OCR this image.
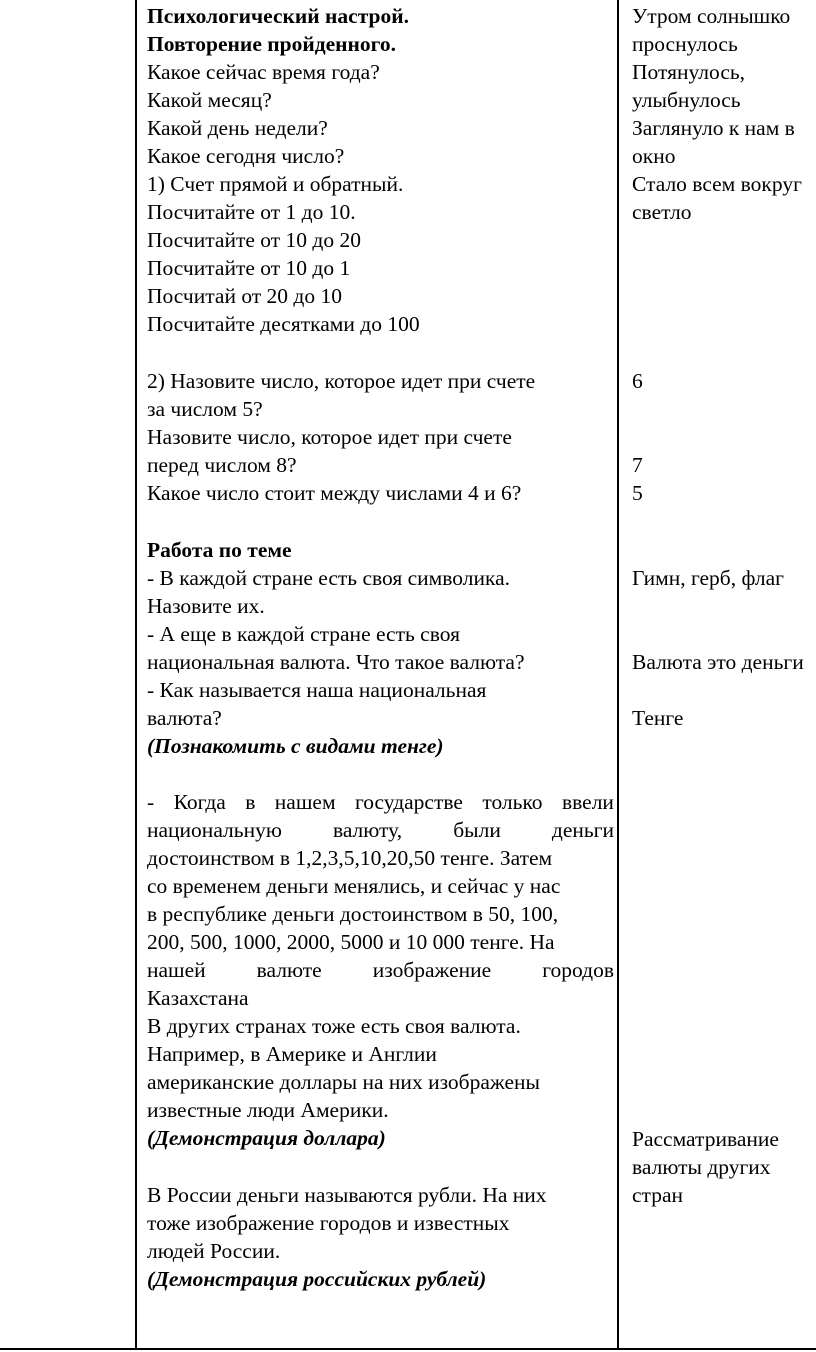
Психологический настрой.
Повторение пройденного.
Какое сейчас время года?
Какой месяц?
Какой день недели?
Какое сегодня число?
1) Счет прямой и обратный.
Посчитайте от 1 до 10.
Посчитайте от 10 до 20
Посчитайте от 10 до 1
Посчитай от 20 до 10
Посчитайте десятками до 100
2) Назовите число, которое идет при счете
за числом 5?
Назовите число, которое идет при счете
перед числом 8?
Какое число стоит между числами 4 и 6?
Работа по теме
- В каждой стране есть своя символика.
Назовите их.
- А еще в каждой стране есть своя
национальная валюта. Что такое валюта?
- Как называется наша национальная
валюта?
(Познакомить с видами тенге)
- Когда в нашем государстве только ввели
национальную валюту, были деньги
достоинством в 1,2,3,5,10,20,50 тенге. Затем
со временем деньги менялись, и сейчас у нас
в республике деньги достоинством в 50, 100,
200, 500, 1000, 2000, 5000 и 10 000 тенге. На
нашей валюте изображение городов
Казахстана
В других странах тоже есть своя валюта.
Например, в Америке и Англии
американские доллары на них изображены
известные люди Америки.
(Демонстрация доллара)
В России деньги называются рубли. На них
тоже изображение городов и известных
людей России.
(Демонстрация российских рублей)
Утром солнышко
проснулось
Потянулось,
улыбнулось
Заглянуло к нам в
окно
Стало всем вокруг
светло
6
7
5
Гимн, герб, флаг
Валюта это деньги
Тенге
Рассматривание
валюты других
стран
